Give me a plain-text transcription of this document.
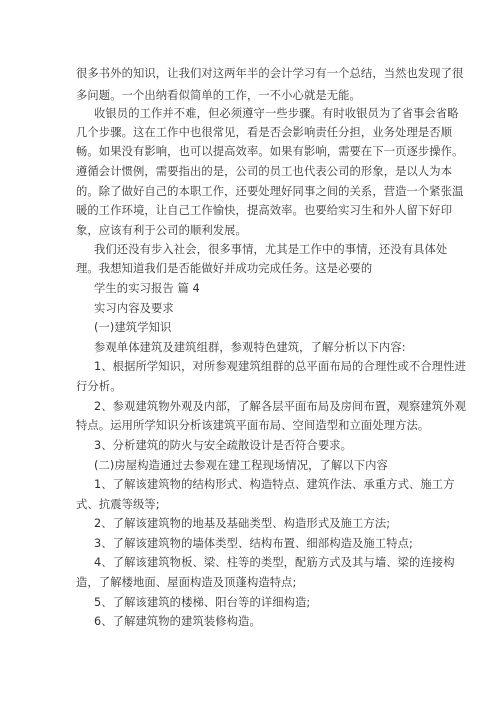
很多书外的知识，让我们对这两年半的会计学习有一个总结，当然也发现了很

多问题。一个出纳看似简单的工作，一不小心就是无能。

收银员的工作并不难，但必须遵守一些步骤。有时收银员为了省事会省略

几个步骤。这在工作中也很常见，看是否会影响责任分担，业务处理是否顺

畅。如果没有影响，也可以提高效率。如果有影响，需要在下一页逐步操作。

遵循会计惯例，需要指出的是，公司的员工也代表公司的形象，是以人为本

的。除了做好自己的本职工作，还要处理好同事之间的关系，营造一个紧张温

暖的工作环境，让自己工作愉快，提高效率。也要给实习生和外人留下好印

象，应该有利于公司的顺利发展。

我们还没有步入社会，很多事情，尤其是工作中的事情，还没有具体处

理。我想知道我们是否能做好并成功完成任务。这是必要的

学生的实习报告 篇 4

实习内容及要求

(一)建筑学知识

参观单体建筑及建筑组群，参观特色建筑，了解分析以下内容:

1、根据所学知识，对所参观建筑组群的总平面布局的合理性或不合理性进

行分析。

2、参观建筑物外观及内部，了解各层平面布局及房间布置，观察建筑外观

特点。运用所学知识分析该建筑平面布局、空间造型和立面处理方法。

3、分析建筑的防火与安全疏散设计是否符合要求。

(二)房屋构造通过去参观在建工程现场情况，了解以下内容

1、了解该建筑物的结构形式、构造特点、建筑作法、承重方式、施工方

式、抗震等级等;

2、了解该建筑物的地基及基础类型、构造形式及施工方法;

3、了解该建筑物的墙体类型、结构布置、细部构造及施工特点;

4、了解该建筑物板、梁、柱等的类型，配筋方式及其与墙、梁的连接构

造，了解楼地面、屋面构造及顶蓬构造特点;

5、了解该建筑的楼梯、阳台等的详细构造;

6、了解建筑物的建筑装修构造。
